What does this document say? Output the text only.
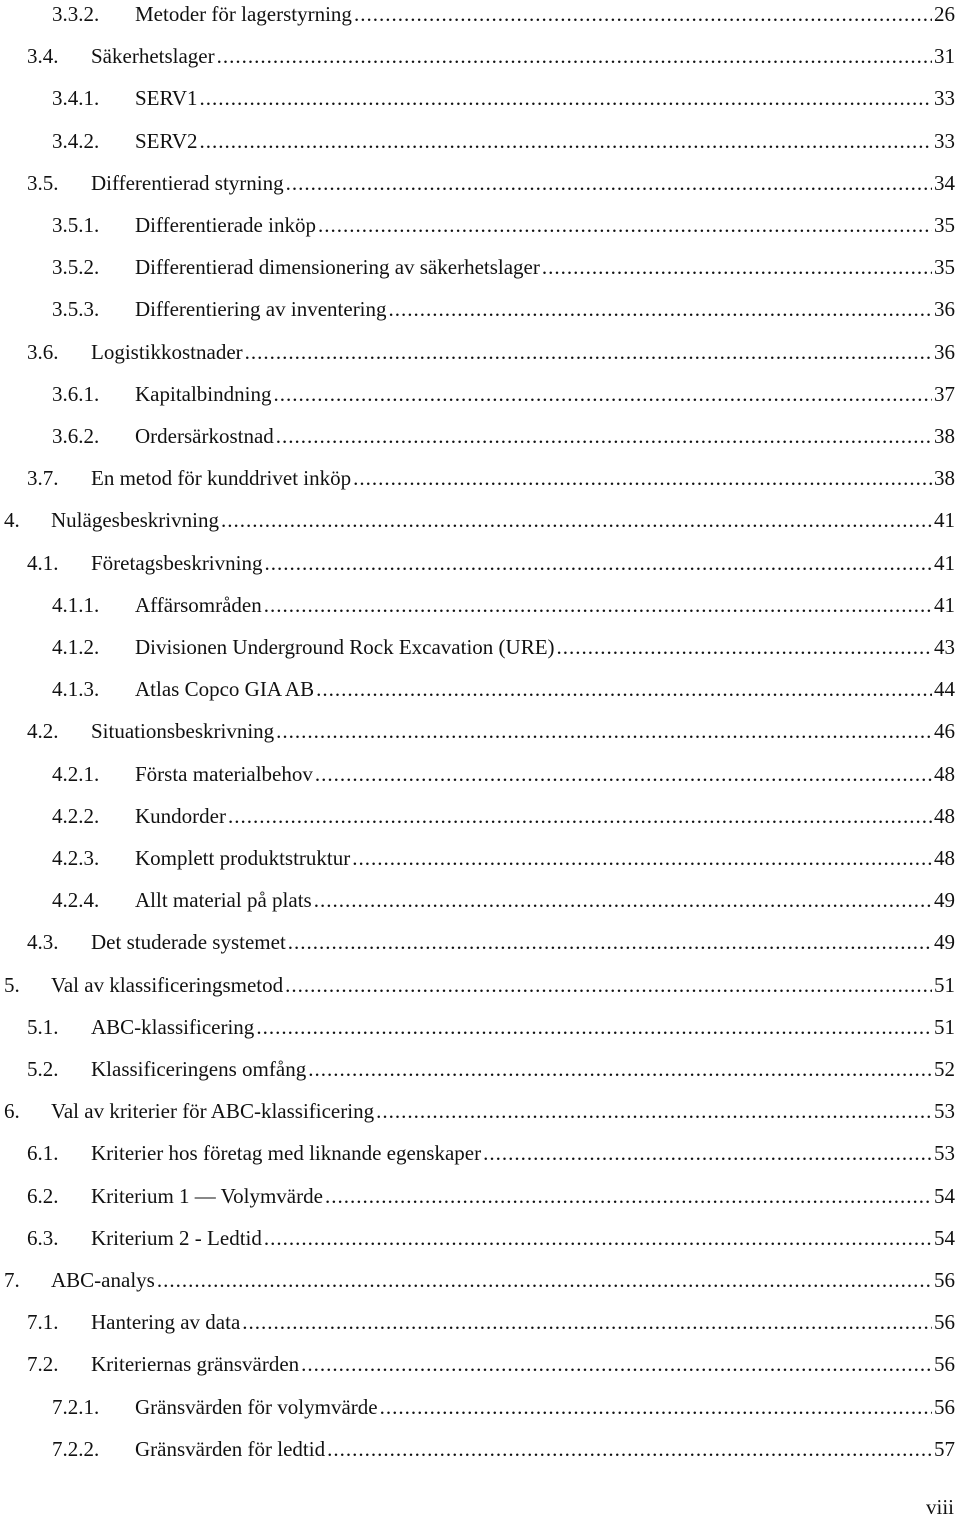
3.3.2.	Metoder för lagerstyrning .....	26
3.4.	Säkerhetslager .....	31
3.4.1.	SERV1 .....	33
3.4.2.	SERV2 .....	33
3.5.	Differentierad styrning .....	34
3.5.1.	Differentierade inköp .....	35
3.5.2.	Differentierad dimensionering av säkerhetslager .....	35
3.5.3.	Differentiering av inventering .....	36
3.6.	Logistikkostnader .....	36
3.6.1.	Kapitalbindning .....	37
3.6.2.	Ordersärkostnad .....	38
3.7.	En metod för kunddrivet inköp .....	38
4.	Nulägesbeskrivning .....	41
4.1.	Företagsbeskrivning .....	41
4.1.1.	Affärsområden .....	41
4.1.2.	Divisionen Underground Rock Excavation (URE) .....	43
4.1.3.	Atlas Copco GIA AB .....	44
4.2.	Situationsbeskrivning .....	46
4.2.1.	Första materialbehov .....	48
4.2.2.	Kundorder .....	48
4.2.3.	Komplett produktstruktur .....	48
4.2.4.	Allt material på plats .....	49
4.3.	Det studerade systemet .....	49
5.	Val av klassificeringsmetod .....	51
5.1.	ABC-klassificering .....	51
5.2.	Klassificeringens omfång .....	52
6.	Val av kriterier för ABC-klassificering .....	53
6.1.	Kriterier hos företag med liknande egenskaper .....	53
6.2.	Kriterium 1 — Volymvärde .....	54
6.3.	Kriterium 2 - Ledtid .....	54
7.	ABC-analys .....	56
7.1.	Hantering av data .....	56
7.2.	Kriteriernas gränsvärden .....	56
7.2.1.	Gränsvärden för volymvärde .....	56
7.2.2.	Gränsvärden för ledtid .....	57
viii
